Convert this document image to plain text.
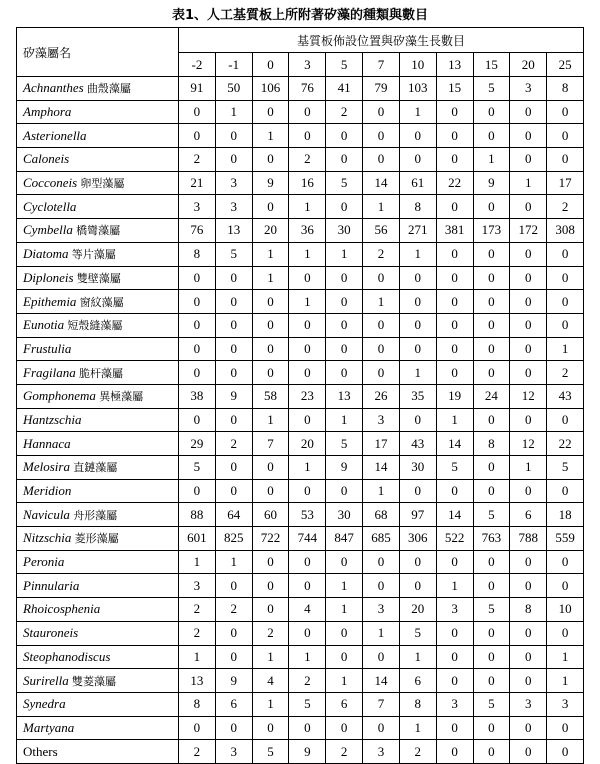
表1、人工基質板上所附著矽藻的種類與數目
矽藻屬名	基質板佈設位置與矽藻生長數目										
	-2	-1	0	3	5	7	10	13	15	20	25
Achnanthes 曲殼藻屬	91	50	106	76	41	79	103	15	5	3	8
Amphora	0	1	0	0	2	0	1	0	0	0	0
Asterionella	0	0	1	0	0	0	0	0	0	0	0
Caloneis	2	0	0	2	0	0	0	0	1	0	0
Cocconeis 卵型藻屬	21	3	9	16	5	14	61	22	9	1	17
Cyclotella	3	3	0	1	0	1	8	0	0	0	2
Cymbella 橋彎藻屬	76	13	20	36	30	56	271	381	173	172	308
Diatoma 等片藻屬	8	5	1	1	1	2	1	0	0	0	0
Diploneis 雙壁藻屬	0	0	1	0	0	0	0	0	0	0	0
Epithemia 窗紋藻屬	0	0	0	1	0	1	0	0	0	0	0
Eunotia 短殼縫藻屬	0	0	0	0	0	0	0	0	0	0	0
Frustulia	0	0	0	0	0	0	0	0	0	0	1
Fragilana 脆杆藻屬	0	0	0	0	0	0	1	0	0	0	2
Gomphonema 異極藻屬	38	9	58	23	13	26	35	19	24	12	43
Hantzschia	0	0	1	0	1	3	0	1	0	0	0
Hannaca	29	2	7	20	5	17	43	14	8	12	22
Melosira 直鏈藻屬	5	0	0	1	9	14	30	5	0	1	5
Meridion	0	0	0	0	0	1	0	0	0	0	0
Navicula 舟形藻屬	88	64	60	53	30	68	97	14	5	6	18
Nitzschia 菱形藻屬	601	825	722	744	847	685	306	522	763	788	559
Peronia	1	1	0	0	0	0	0	0	0	0	0
Pinnularia	3	0	0	0	1	0	0	1	0	0	0
Rhoicosphenia	2	2	0	4	1	3	20	3	5	8	10
Stauroneis	2	0	2	0	0	1	5	0	0	0	0
Steophanodiscus	1	0	1	1	0	0	1	0	0	0	1
Surirella 雙菱藻屬	13	9	4	2	1	14	6	0	0	0	1
Synedra	8	6	1	5	6	7	8	3	5	3	3
Martyana	0	0	0	0	0	0	1	0	0	0	0
Others	2	3	5	9	2	3	2	0	0	0	0
